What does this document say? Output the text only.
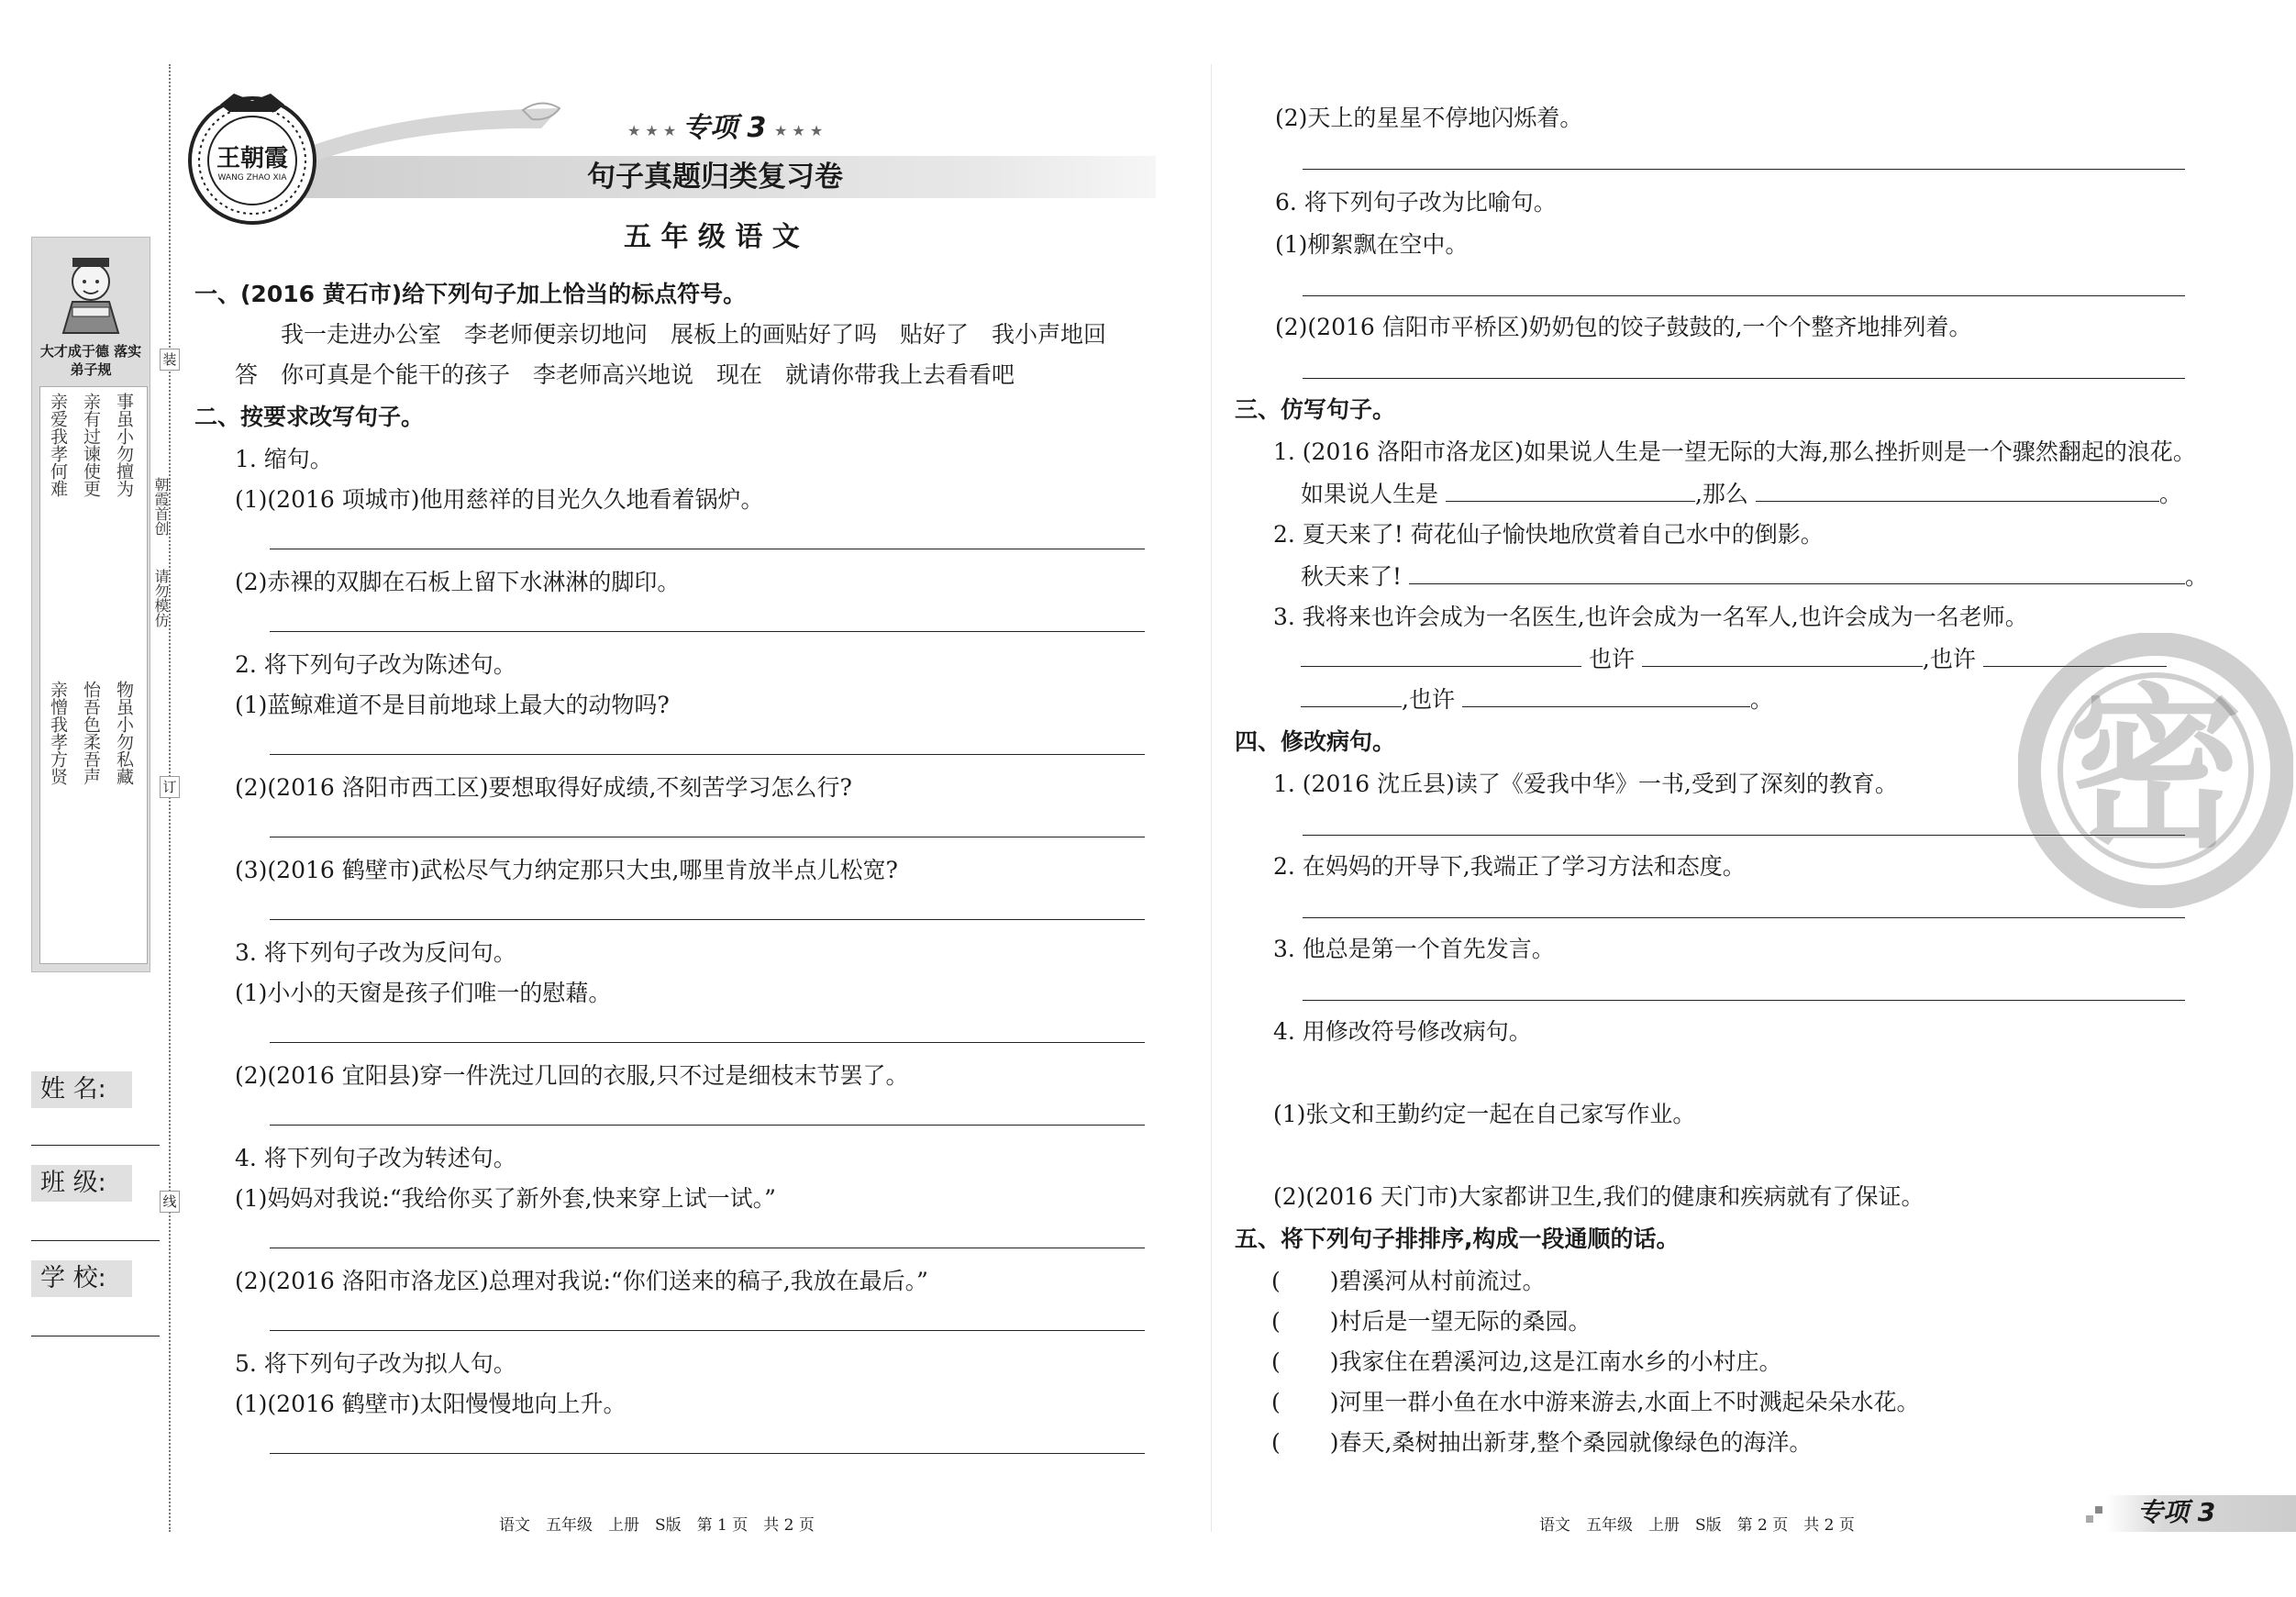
装
订
线
大才成于德 落实弟子规
亲爱我孝何难
亲憎我孝方贤
亲有过谏使更
怡吾色柔吾声
事虽小勿擅为
物虽小勿私藏
朝霞首创
请勿模仿
姓 名:
班 级:
学 校:
王朝霞
WANG ZHAO XIA
★ ★ ★ 专项 3 ★ ★ ★
句子真题归类复习卷
五 年 级 语 文
一、(2016 黄石市)给下列句子加上恰当的标点符号。
我一走进办公室　李老师便亲切地问　展板上的画贴好了吗　贴好了　我小声地回
答　你可真是个能干的孩子　李老师高兴地说　现在　就请你带我上去看看吧
二、按要求改写句子。
1. 缩句。
(1)(2016 项城市)他用慈祥的目光久久地看着锅炉。
(2)赤裸的双脚在石板上留下水淋淋的脚印。
2. 将下列句子改为陈述句。
(1)蓝鲸难道不是目前地球上最大的动物吗?
(2)(2016 洛阳市西工区)要想取得好成绩,不刻苦学习怎么行?
(3)(2016 鹤壁市)武松尽气力纳定那只大虫,哪里肯放半点儿松宽?
3. 将下列句子改为反问句。
(1)小小的天窗是孩子们唯一的慰藉。
(2)(2016 宜阳县)穿一件洗过几回的衣服,只不过是细枝末节罢了。
4. 将下列句子改为转述句。
(1)妈妈对我说:“我给你买了新外套,快来穿上试一试。”
(2)(2016 洛阳市洛龙区)总理对我说:“你们送来的稿子,我放在最后。”
5. 将下列句子改为拟人句。
(1)(2016 鹤壁市)太阳慢慢地向上升。
语文　五年级　上册　S版　第 1 页　共 2 页
(2)天上的星星不停地闪烁着。
6. 将下列句子改为比喻句。
(1)柳絮飘在空中。
(2)(2016 信阳市平桥区)奶奶包的饺子鼓鼓的,一个个整齐地排列着。
三、仿写句子。
1. (2016 洛阳市洛龙区)如果说人生是一望无际的大海,那么挫折则是一个骤然翻起的浪花。
如果说人生是	,那么	。
2. 夏天来了! 荷花仙子愉快地欣赏着自己水中的倒影。
秋天来了!	。
3. 我将来也许会成为一名医生,也许会成为一名军人,也许会成为一名老师。
也许	,也许
,也许	。
四、修改病句。
1. (2016 沈丘县)读了《爱我中华》一书,受到了深刻的教育。
2. 在妈妈的开导下,我端正了学习方法和态度。
3. 他总是第一个首先发言。
4. 用修改符号修改病句。
(1)张文和王勤约定一起在自己家写作业。
(2)(2016 天门市)大家都讲卫生,我们的健康和疾病就有了保证。
五、将下列句子排排序,构成一段通顺的话。
( )碧溪河从村前流过。
( )村后是一望无际的桑园。
( )我家住在碧溪河边,这是江南水乡的小村庄。
( )河里一群小鱼在水中游来游去,水面上不时溅起朵朵水花。
( )春天,桑树抽出新芽,整个桑园就像绿色的海洋。
语文　五年级　上册　S版　第 2 页　共 2 页
密
专项 3
